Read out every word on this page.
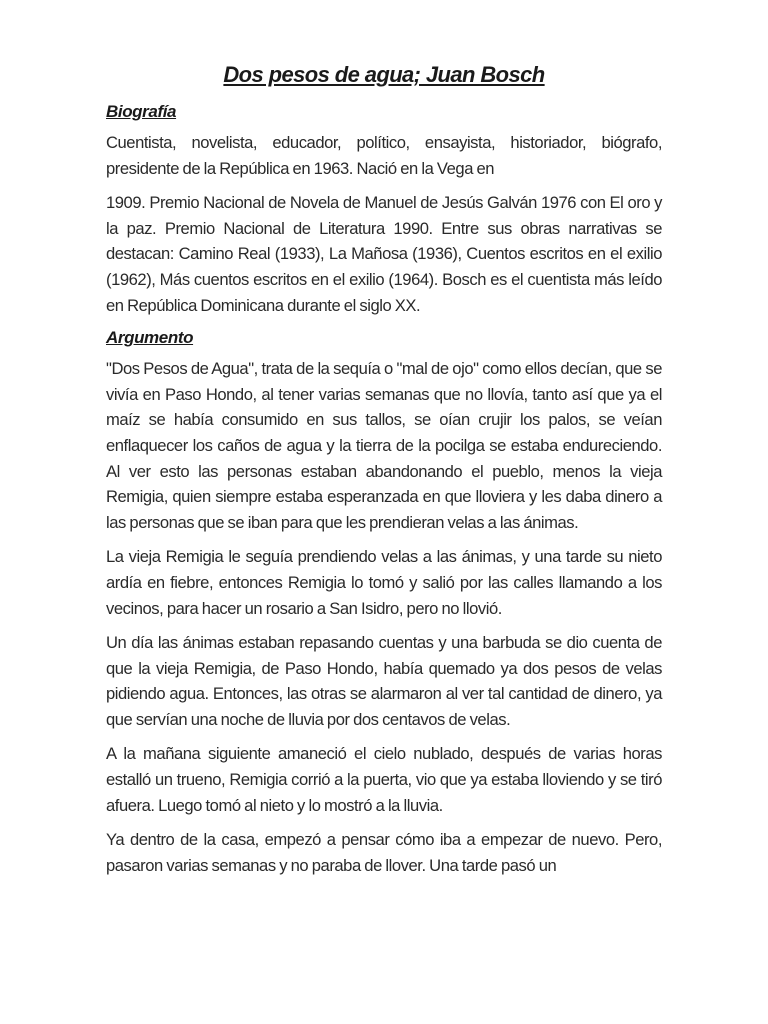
Dos pesos de agua; Juan Bosch
Biografía

Cuentista, novelista, educador, político, ensayista, historiador, biógrafo, presidente de la República en 1963. Nació en la Vega en

1909. Premio Nacional de Novela de Manuel de Jesús Galván 1976 con El oro y la paz. Premio Nacional de Literatura 1990. Entre sus obras narrativas se destacan: Camino Real (1933), La Mañosa (1936), Cuentos escritos en el exilio (1962), Más cuentos escritos en el exilio (1964). Bosch es el cuentista más leído en República Dominicana durante el siglo XX.

Argumento

"Dos Pesos de Agua", trata de la sequía o "mal de ojo" como ellos decían, que se vivía en Paso Hondo, al tener varias semanas que no llovía, tanto así que ya el maíz se había consumido en sus tallos, se oían crujir los palos, se veían enflaquecer los caños de agua y la tierra de la pocilga se estaba endureciendo. Al ver esto las personas estaban abandonando el pueblo, menos la vieja Remigia, quien siempre estaba esperanzada en que lloviera y les daba dinero a las personas que se iban para que les prendieran velas a las ánimas.

La vieja Remigia le seguía prendiendo velas a las ánimas, y una tarde su nieto ardía en fiebre, entonces Remigia lo tomó y salió por las calles llamando a los vecinos, para hacer un rosario a San Isidro, pero no llovió.

Un día las ánimas estaban repasando cuentas y una barbuda se dio cuenta de que la vieja Remigia, de Paso Hondo, había quemado ya dos pesos de velas pidiendo agua. Entonces, las otras se alarmaron al ver tal cantidad de dinero, ya que servían una noche de lluvia por dos centavos de velas.

A la mañana siguiente amaneció el cielo nublado, después de varias horas estalló un trueno, Remigia corrió a la puerta, vio que ya estaba lloviendo y se tiró afuera. Luego tomó al nieto y lo mostró a la lluvia.

Ya dentro de la casa, empezó a pensar cómo iba a empezar de nuevo. Pero, pasaron varias semanas y no paraba de llover. Una tarde pasó un
